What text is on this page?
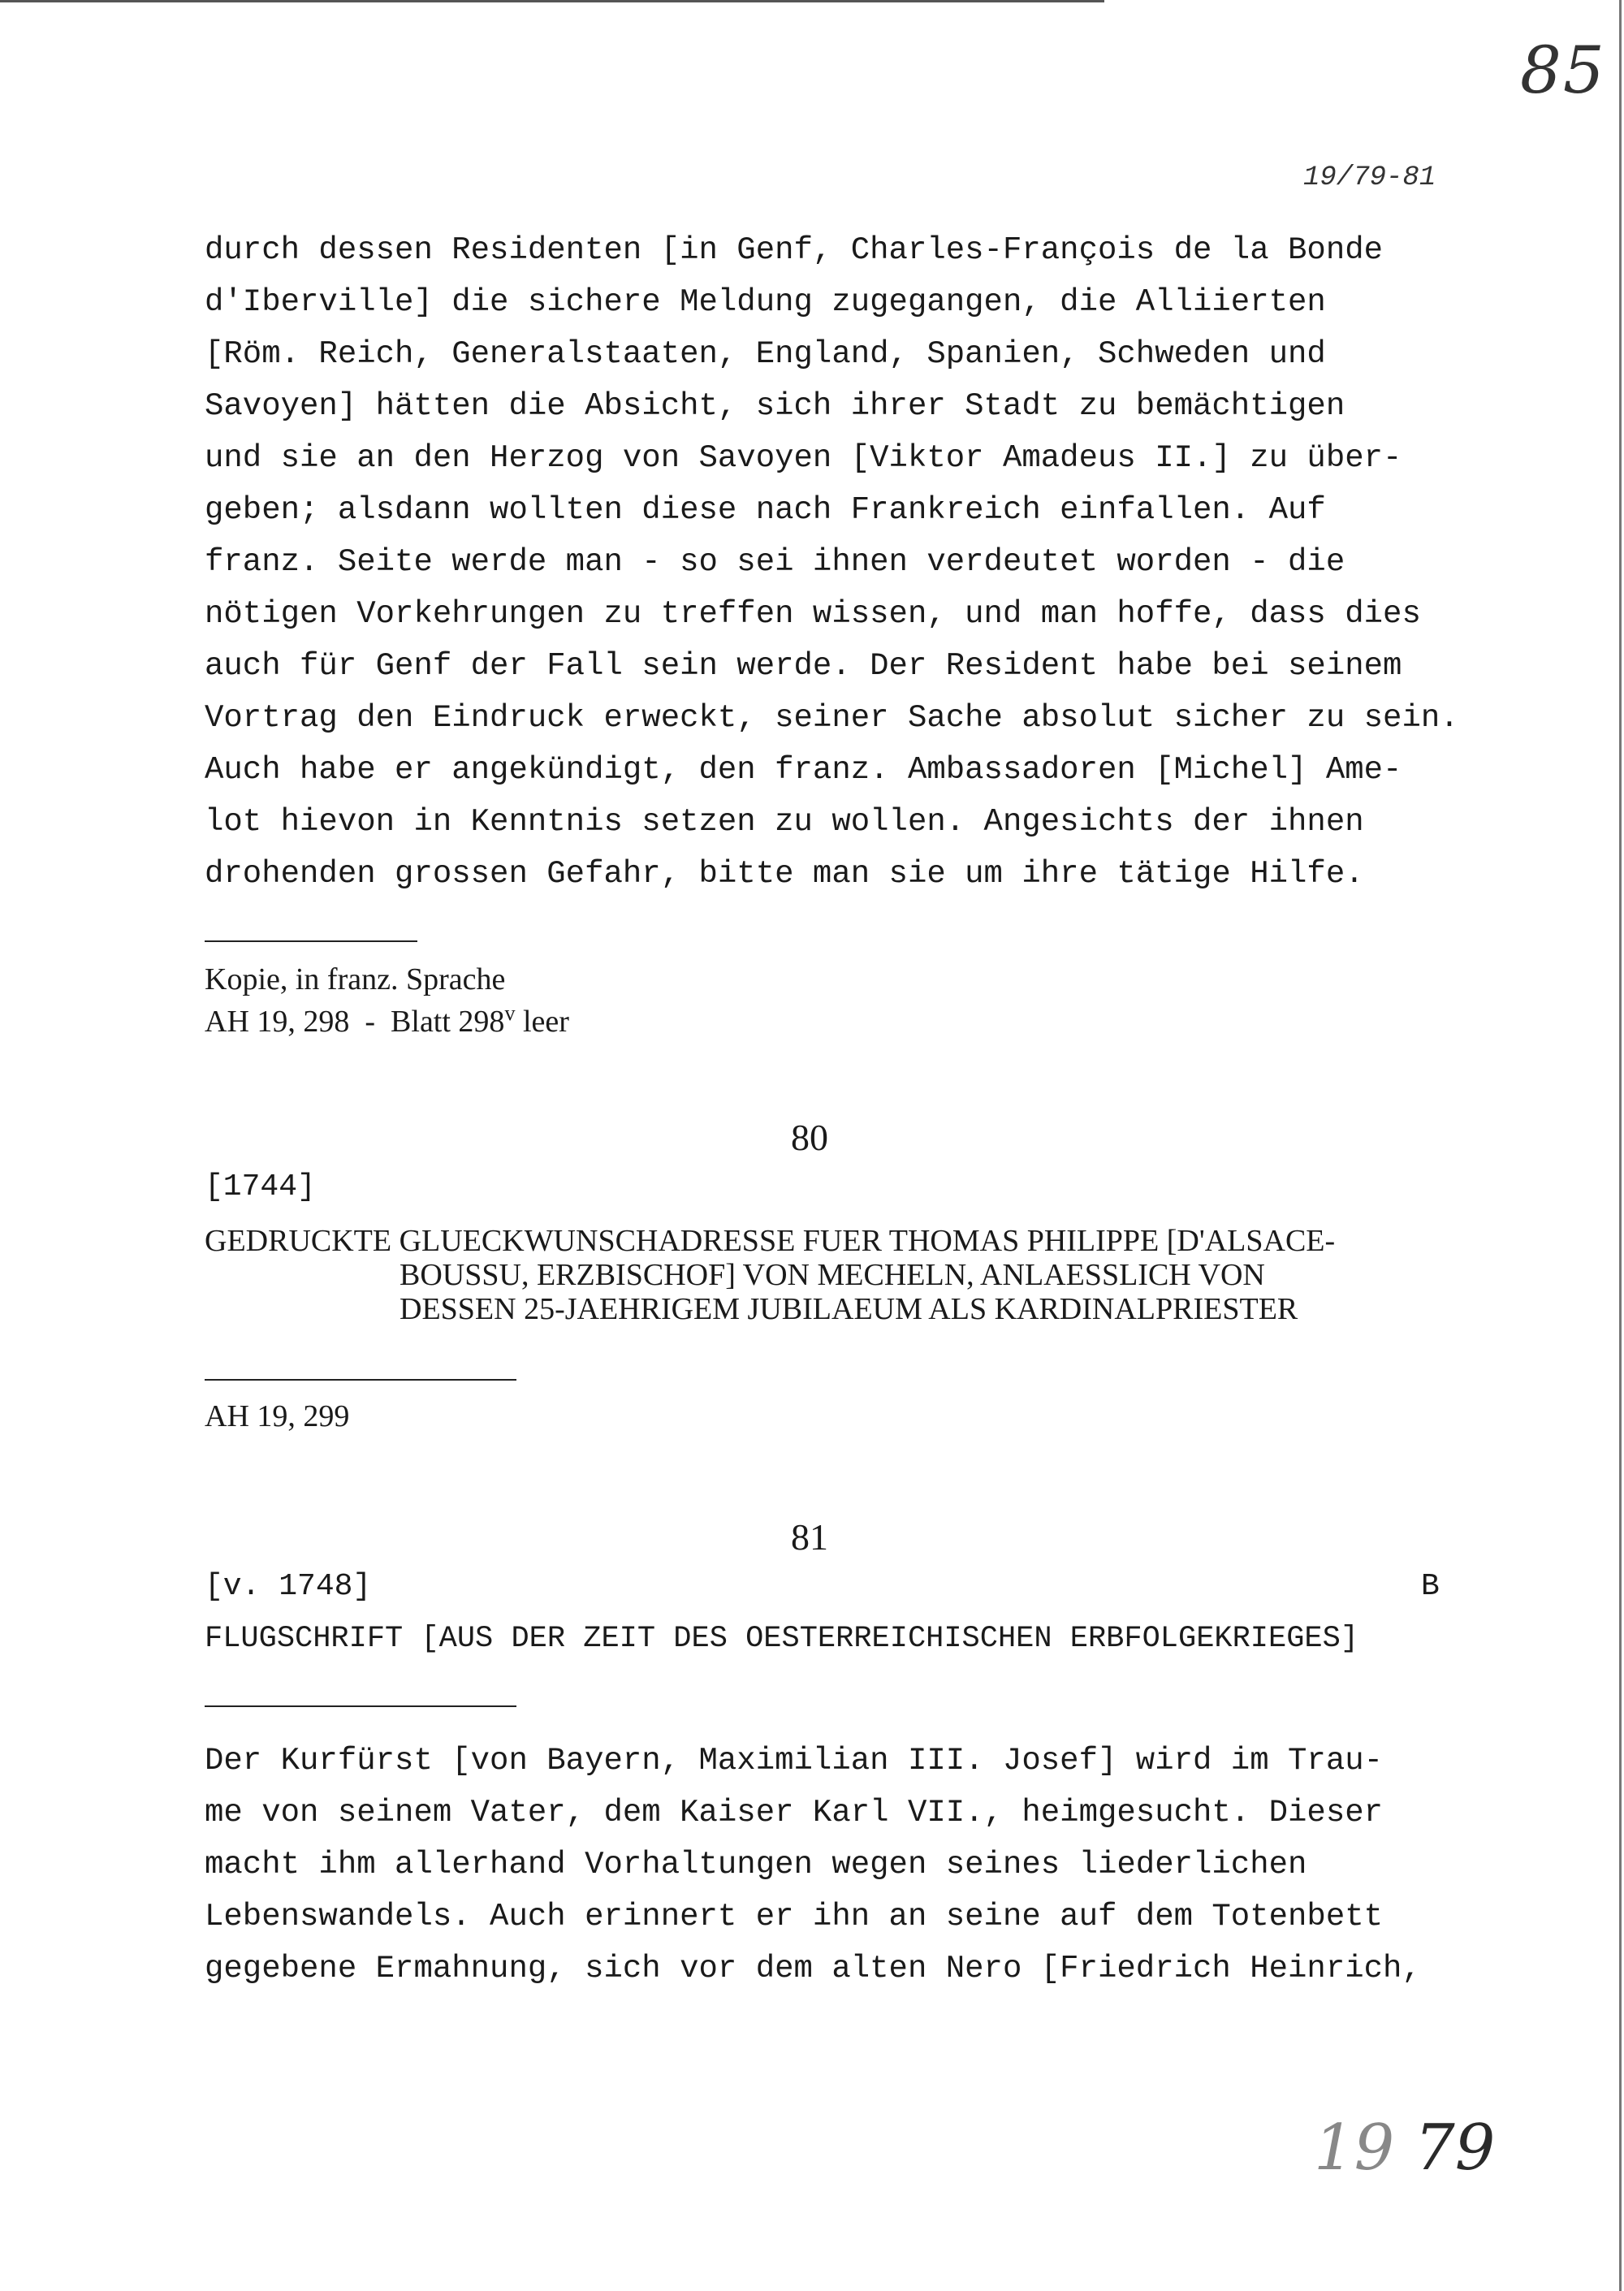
85
19/79-81
durch dessen Residenten [in Genf, Charles-François de la Bonde
d'Iberville] die sichere Meldung zugegangen, die Alliierten
[Röm. Reich, Generalstaaten, England, Spanien, Schweden und
Savoyen] hätten die Absicht, sich ihrer Stadt zu bemächtigen
und sie an den Herzog von Savoyen [Viktor Amadeus II.] zu über-
geben; alsdann wollten diese nach Frankreich einfallen. Auf
franz. Seite werde man - so sei ihnen verdeutet worden - die
nötigen Vorkehrungen zu treffen wissen, und man hoffe, dass dies
auch für Genf der Fall sein werde. Der Resident habe bei seinem
Vortrag den Eindruck erweckt, seiner Sache absolut sicher zu sein.
Auch habe er angekündigt, den franz. Ambassadoren [Michel] Ame-
lot hievon in Kenntnis setzen zu wollen. Angesichts der ihnen
drohenden grossen Gefahr, bitte man sie um ihre tätige Hilfe.
Kopie, in franz. Sprache
AH 19, 298  -  Blatt 298$^v$ leer
80
[1744]
GEDRUCKTE GLUECKWUNSCHADRESSE FUER THOMAS PHILIPPE [D'ALSACE-
BOUSSU, ERZBISCHOF] VON MECHELN, ANLAESSLICH VON
DESSEN 25-JAEHRIGEM JUBILAEUM ALS KARDINALPRIESTER
AH 19, 299
81
[v. 1748]	B
FLUGSCHRIFT [AUS DER ZEIT DES OESTERREICHISCHEN ERBFOLGEKRIEGES]
Der Kurfürst [von Bayern, Maximilian III. Josef] wird im Trau-
me von seinem Vater, dem Kaiser Karl VII., heimgesucht. Dieser
macht ihm allerhand Vorhaltungen wegen seines liederlichen
Lebenswandels. Auch erinnert er ihn an seine auf dem Totenbett
gegebene Ermahnung, sich vor dem alten Nero [Friedrich Heinrich,
19 79
